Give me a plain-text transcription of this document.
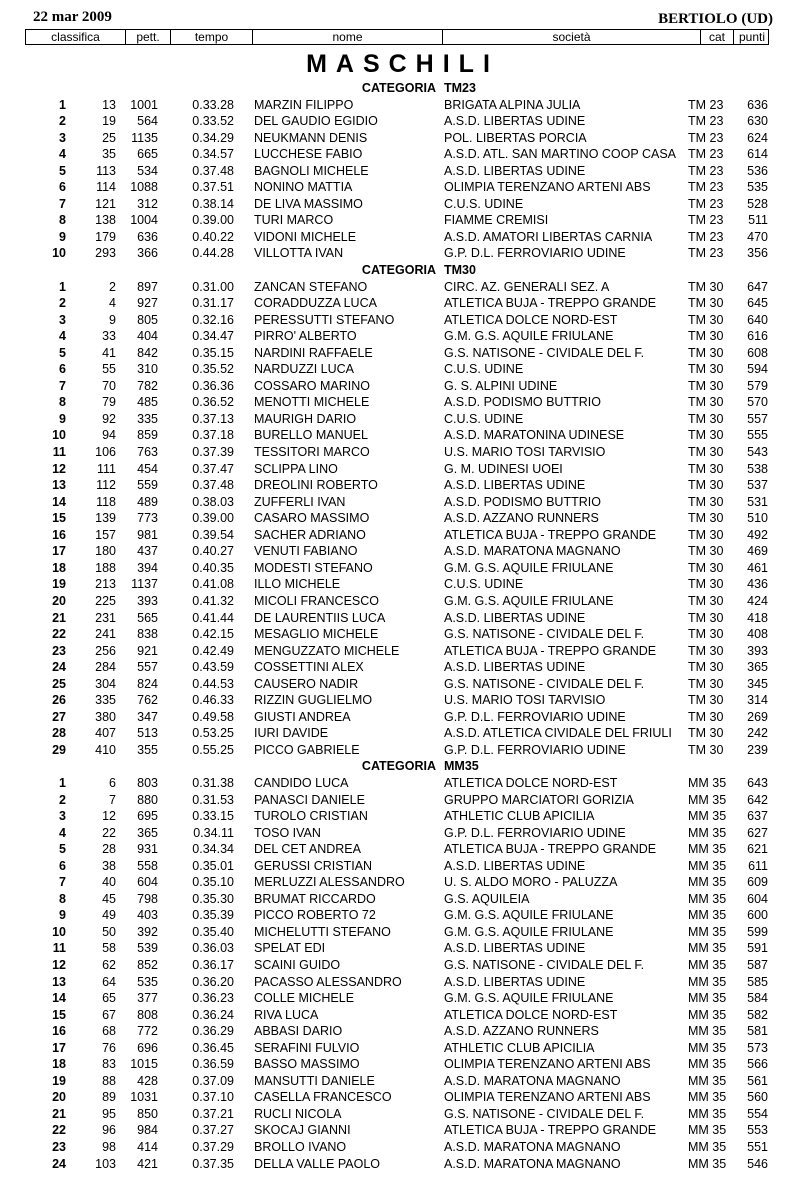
22 mar 2009	BERTIOLO (UD)
classifica	pett.	tempo	nome	società	cat	punti
MASCHILI
CATEGORIA TM23
1	13	1001	0.33.28 MARZIN FILIPPO	BRIGATA ALPINA JULIA	TM 23	636
2	19	564	0.33.52 DEL GAUDIO EGIDIO	A.S.D. LIBERTAS UDINE	TM 23	630
3	25	1135	0.34.29 NEUKMANN DENIS	POL. LIBERTAS PORCIA	TM 23	624
4	35	665	0.34.57 LUCCHESE FABIO	A.S.D. ATL. SAN MARTINO COOP CASA TM 23	614
5	113	534	0.37.48 BAGNOLI MICHELE	A.S.D. LIBERTAS UDINE	TM 23	536
6	114	1088	0.37.51 NONINO MATTIA	OLIMPIA TERENZANO ARTENI ABS	TM 23	535
7	121	312	0.38.14 DE LIVA MASSIMO	C.U.S. UDINE	TM 23	528
8	138	1004	0.39.00 TURI MARCO	FIAMME CREMISI	TM 23	511
9	179	636	0.40.22 VIDONI MICHELE	A.S.D. AMATORI LIBERTAS CARNIA	TM 23	470
10	293	366	0.44.28 VILLOTTA IVAN	G.P. D.L. FERROVIARIO UDINE	TM 23	356
CATEGORIA TM30
1	2	897	0.31.00 ZANCAN STEFANO	CIRC. AZ. GENERALI SEZ. A	TM 30	647
2	4	927	0.31.17 CORADDUZZA LUCA	ATLETICA BUJA - TREPPO GRANDE	TM 30	645
3	9	805	0.32.16 PERESSUTTI STEFANO	ATLETICA DOLCE NORD-EST	TM 30	640
4	33	404	0.34.47 PIRRO' ALBERTO	G.M. G.S. AQUILE FRIULANE	TM 30	616
5	41	842	0.35.15 NARDINI RAFFAELE	G.S. NATISONE - CIVIDALE DEL F.	TM 30	608
6	55	310	0.35.52 NARDUZZI LUCA	C.U.S. UDINE	TM 30	594
7	70	782	0.36.36 COSSARO MARINO	G. S. ALPINI UDINE	TM 30	579
8	79	485	0.36.52 MENOTTI MICHELE	A.S.D. PODISMO BUTTRIO	TM 30	570
9	92	335	0.37.13 MAURIGH DARIO	C.U.S. UDINE	TM 30	557
10	94	859	0.37.18 BURELLO MANUEL	A.S.D. MARATONINA UDINESE	TM 30	555
11	106	763	0.37.39 TESSITORI MARCO	U.S. MARIO TOSI TARVISIO	TM 30	543
12	111	454	0.37.47 SCLIPPA LINO	G. M. UDINESI UOEI	TM 30	538
13	112	559	0.37.48 DREOLINI ROBERTO	A.S.D. LIBERTAS UDINE	TM 30	537
14	118	489	0.38.03 ZUFFERLI IVAN	A.S.D. PODISMO BUTTRIO	TM 30	531
15	139	773	0.39.00 CASARO MASSIMO	A.S.D. AZZANO RUNNERS	TM 30	510
16	157	981	0.39.54 SACHER ADRIANO	ATLETICA BUJA - TREPPO GRANDE	TM 30	492
17	180	437	0.40.27 VENUTI FABIANO	A.S.D. MARATONA MAGNANO	TM 30	469
18	188	394	0.40.35 MODESTI STEFANO	G.M. G.S. AQUILE FRIULANE	TM 30	461
19	213	1137	0.41.08 ILLO MICHELE	C.U.S. UDINE	TM 30	436
20	225	393	0.41.32 MICOLI FRANCESCO	G.M. G.S. AQUILE FRIULANE	TM 30	424
21	231	565	0.41.44 DE LAURENTIIS LUCA	A.S.D. LIBERTAS UDINE	TM 30	418
22	241	838	0.42.15 MESAGLIO MICHELE	G.S. NATISONE - CIVIDALE DEL F.	TM 30	408
23	256	921	0.42.49 MENGUZZATO MICHELE	ATLETICA BUJA - TREPPO GRANDE	TM 30	393
24	284	557	0.43.59 COSSETTINI ALEX	A.S.D. LIBERTAS UDINE	TM 30	365
25	304	824	0.44.53 CAUSERO NADIR	G.S. NATISONE - CIVIDALE DEL F.	TM 30	345
26	335	762	0.46.33 RIZZIN GUGLIELMO	U.S. MARIO TOSI TARVISIO	TM 30	314
27	380	347	0.49.58 GIUSTI ANDREA	G.P. D.L. FERROVIARIO UDINE	TM 30	269
28	407	513	0.53.25 IURI DAVIDE	A.S.D. ATLETICA CIVIDALE DEL FRIULI	TM 30	242
29	410	355	0.55.25 PICCO GABRIELE	G.P. D.L. FERROVIARIO UDINE	TM 30	239
CATEGORIA MM35
1	6	803	0.31.38 CANDIDO LUCA	ATLETICA DOLCE NORD-EST	MM 35	643
2	7	880	0.31.53 PANASCI DANIELE	GRUPPO MARCIATORI GORIZIA	MM 35	642
3	12	695	0.33.15 TUROLO CRISTIAN	ATHLETIC CLUB APICILIA	MM 35	637
4	22	365	0.34.11 TOSO IVAN	G.P. D.L. FERROVIARIO UDINE	MM 35	627
5	28	931	0.34.34 DEL CET ANDREA	ATLETICA BUJA - TREPPO GRANDE	MM 35	621
6	38	558	0.35.01 GERUSSI CRISTIAN	A.S.D. LIBERTAS UDINE	MM 35	611
7	40	604	0.35.10 MERLUZZI ALESSANDRO	U. S. ALDO MORO - PALUZZA	MM 35	609
8	45	798	0.35.30 BRUMAT RICCARDO	G.S. AQUILEIA	MM 35	604
9	49	403	0.35.39 PICCO ROBERTO 72	G.M. G.S. AQUILE FRIULANE	MM 35	600
10	50	392	0.35.40 MICHELUTTI STEFANO	G.M. G.S. AQUILE FRIULANE	MM 35	599
11	58	539	0.36.03 SPELAT EDI	A.S.D. LIBERTAS UDINE	MM 35	591
12	62	852	0.36.17 SCAINI GUIDO	G.S. NATISONE - CIVIDALE DEL F.	MM 35	587
13	64	535	0.36.20 PACASSO ALESSANDRO	A.S.D. LIBERTAS UDINE	MM 35	585
14	65	377	0.36.23 COLLE MICHELE	G.M. G.S. AQUILE FRIULANE	MM 35	584
15	67	808	0.36.24 RIVA LUCA	ATLETICA DOLCE NORD-EST	MM 35	582
16	68	772	0.36.29 ABBASI DARIO	A.S.D. AZZANO RUNNERS	MM 35	581
17	76	696	0.36.45 SERAFINI FULVIO	ATHLETIC CLUB APICILIA	MM 35	573
18	83	1015	0.36.59 BASSO MASSIMO	OLIMPIA TERENZANO ARTENI ABS	MM 35	566
19	88	428	0.37.09 MANSUTTI DANIELE	A.S.D. MARATONA MAGNANO	MM 35	561
20	89	1031	0.37.10 CASELLA FRANCESCO	OLIMPIA TERENZANO ARTENI ABS	MM 35	560
21	95	850	0.37.21 RUCLI NICOLA	G.S. NATISONE - CIVIDALE DEL F.	MM 35	554
22	96	984	0.37.27 SKOCAJ GIANNI	ATLETICA BUJA - TREPPO GRANDE	MM 35	553
23	98	414	0.37.29 BROLLO IVANO	A.S.D. MARATONA MAGNANO	MM 35	551
24	103	421	0.37.35 DELLA VALLE PAOLO	A.S.D. MARATONA MAGNANO	MM 35	546
